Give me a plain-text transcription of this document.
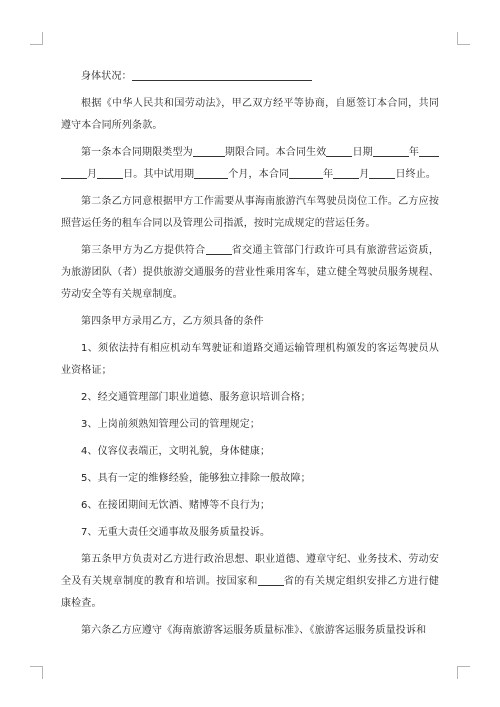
身体状况：

根据《中华人民共和国劳动法》，甲乙双方经平等协商，自愿签订本合同，共同遵守本合同所列条款。

第一条本合同期限类型为	期限合同。本合同生效	日期	年月	日。其中试用期	个月，本合同	年	月	日终止。

第二条乙方同意根据甲方工作需要从事海南旅游汽车驾驶员岗位工作。乙方应按照营运任务的租车合同以及管理公司指派，按时完成规定的营运任务。

第三条甲方为乙方提供符合	省交通主管部门行政许可具有旅游营运资质，为旅游团队（者）提供旅游交通服务的营业性乘用客车，建立健全驾驶员服务规程、劳动安全等有关规章制度。

第四条甲方录用乙方，乙方须具备的条件

1、须依法持有相应机动车驾驶证和道路交通运输管理机构颁发的客运驾驶员从业资格证；

2、经交通管理部门职业道德、服务意识培训合格；

3、上岗前须熟知管理公司的管理规定；

4、仪容仪表端正，文明礼貌，身体健康；

5、具有一定的维修经验，能够独立排除一般故障；

6、在接团期间无饮酒、赌博等不良行为；

7、无重大责任交通事故及服务质量投诉。

第五条甲方负责对乙方进行政治思想、职业道德、遵章守纪、业务技术、劳动安全及有关规章制度的教育和培训。按国家和	省的有关规定组织安排乙方进行健康检查。

第六条乙方应遵守《海南旅游客运服务质量标准》、《旅游客运服务质量投诉和
